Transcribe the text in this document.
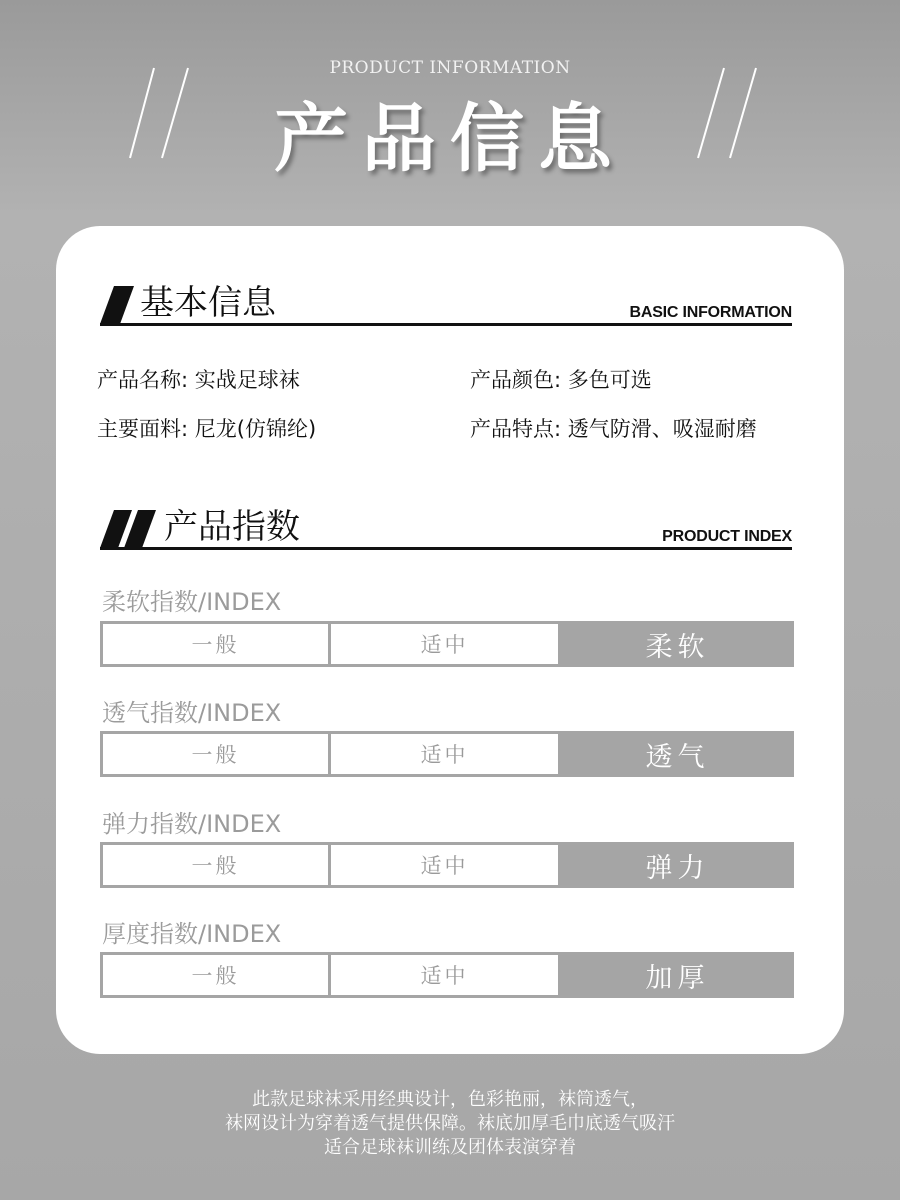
PRODUCT INFORMATION
产品信息
基本信息	BASIC INFORMATION
产品名称: 实战足球袜	产品颜色: 多色可选
主要面料: 尼龙(仿锦纶)	产品特点: 透气防滑、吸湿耐磨
产品指数	PRODUCT INDEX
柔软指数/INDEX
一般	适中	柔软
透气指数/INDEX
一般	适中	透气
弹力指数/INDEX
一般	适中	弹力
厚度指数/INDEX
一般	适中	加厚
此款足球袜采用经典设计，色彩艳丽，袜筒透气，
袜网设计为穿着透气提供保障。袜底加厚毛巾底透气吸汗
适合足球袜训练及团体表演穿着
